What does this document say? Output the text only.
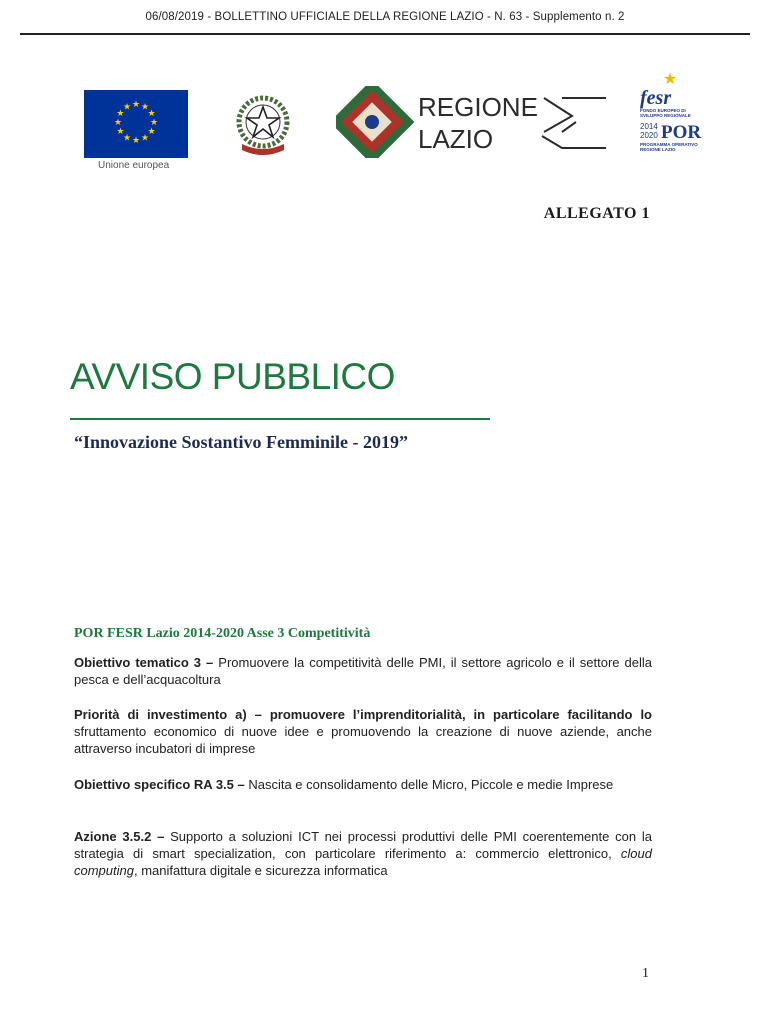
06/08/2019 - BOLLETTINO UFFICIALE DELLA REGIONE LAZIO - N. 63 - Supplemento n. 2
★ ★
★
★
★
★
★
★
★
★
★
★
Unione europea
REGIONE
LAZIO
★
fesr
FONDO EUROPEO DI
SVILUPPO REGIONALE
2014
2020 POR
PROGRAMMA OPERATIVO
REGIONE LAZIO
ALLEGATO 1
AVVISO PUBBLICO
“Innovazione Sostantivo Femminile - 2019”
POR FESR Lazio 2014-2020 Asse 3 Competitività
Obiettivo tematico 3 – Promuovere la competitività delle PMI, il settore agricolo e il settore della pesca e dell’acquacoltura
Priorità di investimento a) – promuovere l’imprenditorialità, in particolare facilitando lo sfruttamento economico di nuove idee e promuovendo la creazione di nuove aziende, anche attraverso incubatori di imprese
Obiettivo specifico RA 3.5 – Nascita e consolidamento delle Micro, Piccole e medie Imprese
Azione 3.5.2 – Supporto a soluzioni ICT nei processi produttivi delle PMI coerentemente con la strategia di smart specialization, con particolare riferimento a: commercio elettronico, cloud computing, manifattura digitale e sicurezza informatica
1
